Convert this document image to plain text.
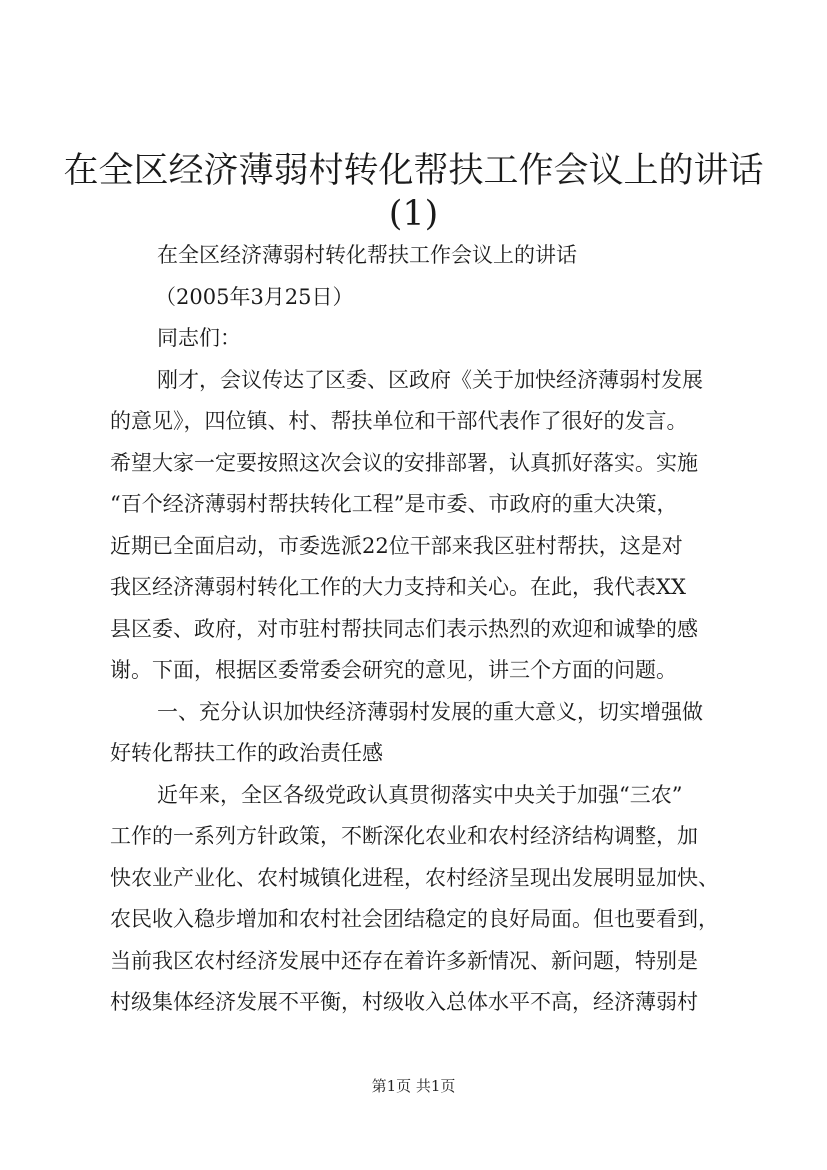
在全区经济薄弱村转化帮扶工作会议上的讲话
(1)

在全区经济薄弱村转化帮扶工作会议上的讲话

（2005年3月25日）

同志们：

刚才，会议传达了区委、区政府《关于加快经济薄弱村发展

的意见》，四位镇、村、帮扶单位和干部代表作了很好的发言。

希望大家一定要按照这次会议的安排部署，认真抓好落实。实施

“百个经济薄弱村帮扶转化工程”是市委、市政府的重大决策，

近期已全面启动，市委选派22位干部来我区驻村帮扶，这是对

我区经济薄弱村转化工作的大力支持和关心。在此，我代表XX

县区委、政府，对市驻村帮扶同志们表示热烈的欢迎和诚挚的感

谢。下面，根据区委常委会研究的意见，讲三个方面的问题。

一、充分认识加快经济薄弱村发展的重大意义，切实增强做

好转化帮扶工作的政治责任感

近年来，全区各级党政认真贯彻落实中央关于加强“三农”

工作的一系列方针政策，不断深化农业和农村经济结构调整，加

快农业产业化、农村城镇化进程，农村经济呈现出发展明显加快、

农民收入稳步增加和农村社会团结稳定的良好局面。但也要看到，

当前我区农村经济发展中还存在着许多新情况、新问题，特别是

村级集体经济发展不平衡，村级收入总体水平不高，经济薄弱村

第1页 共1页
